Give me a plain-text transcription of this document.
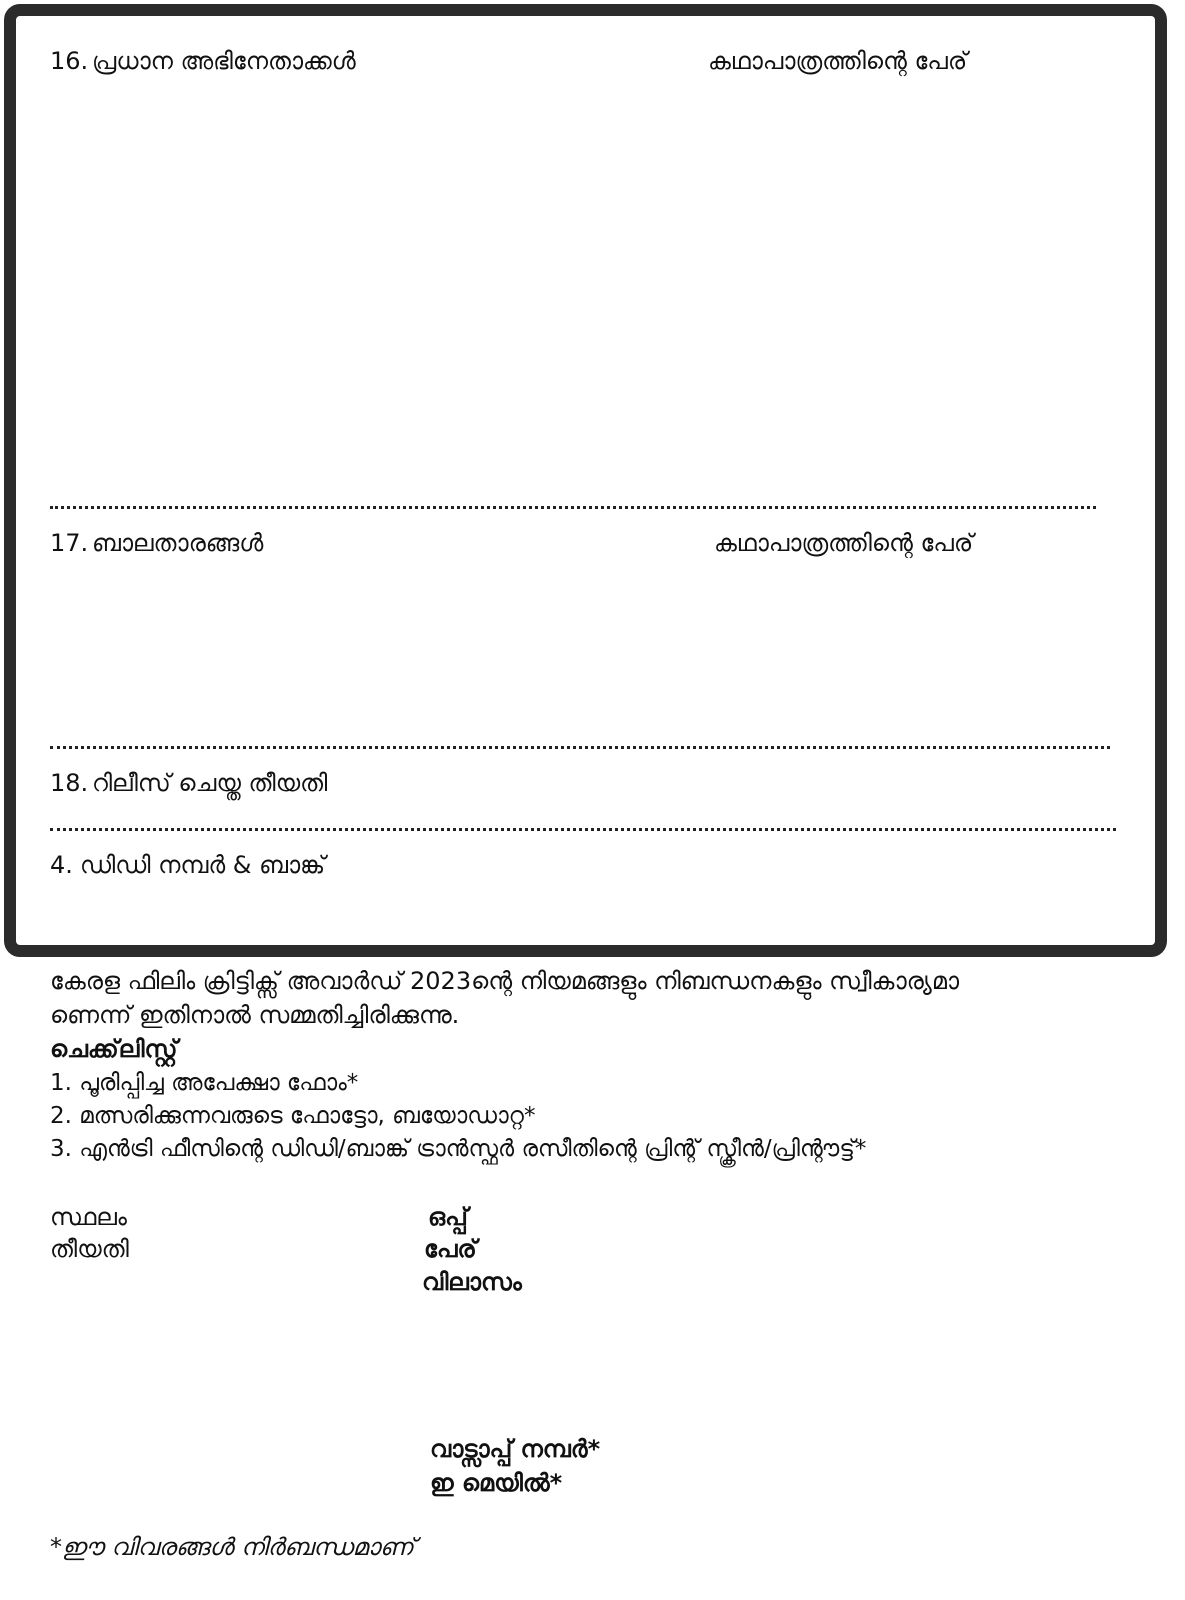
16. പ്രധാന അഭിനേതാക്കൾ	കഥാപാത്രത്തിന്റെ പേര്
17. ബാലതാരങ്ങൾ	കഥാപാത്രത്തിന്റെ പേര്
18. റിലീസ് ചെയ്ത തീയതി
4. ഡിഡി നമ്പർ & ബാങ്ക്
കേരള ഫിലിം ക്രിട്ടിക്സ് അവാർഡ് 2023ന്റെ നിയമങ്ങളും നിബന്ധനകളും സ്വീകാര്യമാ
ണെന്ന് ഇതിനാൽ സമ്മതിച്ചിരിക്കുന്നു.
ചെക്ക്‌ലിസ്റ്റ്
1. പൂരിപ്പിച്ച അപേക്ഷാ ഫോം*
2. മത്സരിക്കുന്നവരുടെ ഫോട്ടോ, ബയോഡാറ്റ*
3. എൻട്രി ഫീസിന്റെ ഡിഡി/ബാങ്ക് ട്രാൻസ്ഫർ രസീതിന്റെ പ്രിന്റ് സ്ക്രീൻ/പ്രിന്റൗട്ട്*
സ്ഥലം
തീയതി
ഒപ്പ്
പേര്
വിലാസം
വാട്സാപ്പ് നമ്പർ*
ഇ മെയിൽ*
*ഈ വിവരങ്ങൾ നിർബന്ധമാണ്
